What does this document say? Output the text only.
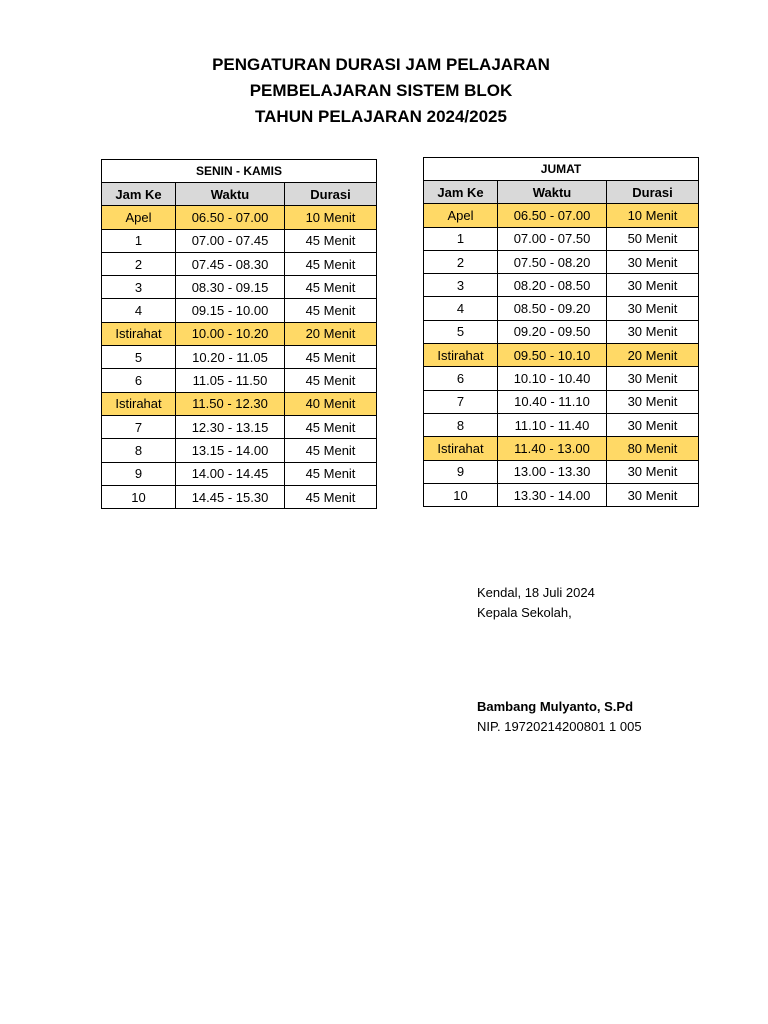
PENGATURAN DURASI JAM PELAJARAN
PEMBELAJARAN SISTEM BLOK
TAHUN PELAJARAN 2024/2025
SENIN - KAMIS		
Jam Ke	Waktu	Durasi
Apel	06.50 - 07.00	10 Menit
1	07.00 - 07.45	45 Menit
2	07.45 - 08.30	45 Menit
3	08.30 - 09.15	45 Menit
4	09.15 - 10.00	45 Menit
Istirahat	10.00 - 10.20	20 Menit
5	10.20 - 11.05	45 Menit
6	11.05 - 11.50	45 Menit
Istirahat	11.50 - 12.30	40 Menit
7	12.30 - 13.15	45 Menit
8	13.15 - 14.00	45 Menit
9	14.00 - 14.45	45 Menit
10	14.45 - 15.30	45 Menit
JUMAT		
Jam Ke	Waktu	Durasi
Apel	06.50 - 07.00	10 Menit
1	07.00 - 07.50	50 Menit
2	07.50 - 08.20	30 Menit
3	08.20 - 08.50	30 Menit
4	08.50 - 09.20	30 Menit
5	09.20 - 09.50	30 Menit
Istirahat	09.50 - 10.10	20 Menit
6	10.10 - 10.40	30 Menit
7	10.40 - 11.10	30 Menit
8	11.10 - 11.40	30 Menit
Istirahat	11.40 - 13.00	80 Menit
9	13.00 - 13.30	30 Menit
10	13.30 - 14.00	30 Menit
Kendal, 18 Juli 2024
Kepala Sekolah,
Bambang Mulyanto, S.Pd
NIP. 19720214200801 1 005
